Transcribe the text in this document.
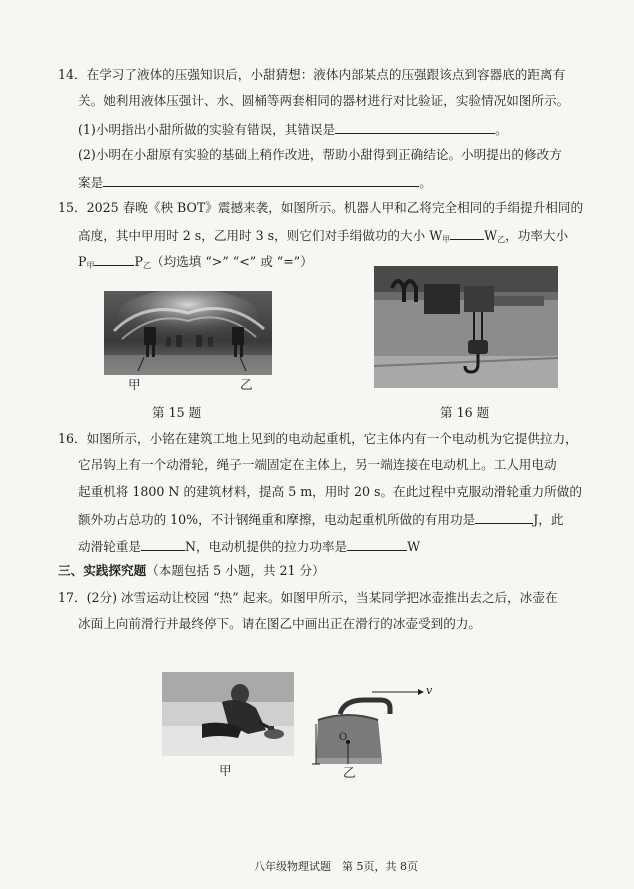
14．在学习了液体的压强知识后，小甜猜想：液体内部某点的压强跟该点到容器底的距离有
关。她利用液体压强计、水、圆桶等两套相同的器材进行对比验证，实验情况如图所示。
(1)小明指出小甜所做的实验有错误，其错误是	。
(2)小明在小甜原有实验的基础上稍作改进，帮助小甜得到正确结论。小明提出的修改方
案是	。
15．2025 春晚《秧 BOT》震撼来袭，如图所示。机器人甲和乙将完全相同的手绢提升相同的
高度，其中甲用时 2 s，乙用时 3 s，则它们对手绢做功的大小 $W_甲$	$W_乙$，功率大小
$P_甲$	$P_乙$（均选填 “>” “<” 或 “=”）
甲	乙
第 15 题	第 16 题
16．如图所示，小铭在建筑工地上见到的电动起重机，它主体内有一个电动机为它提供拉力，
它吊钩上有一个动滑轮，绳子一端固定在主体上，另一端连接在电动机上。工人用电动
起重机将 1800 N 的建筑材料，提高 5 m，用时 20 s。在此过程中克服动滑轮重力所做的
额外功占总功的 10%，不计钢绳重和摩擦，电动起重机所做的有用功是	J，此
动滑轮重是	N，电动机提供的拉力功率是	W
三、实践探究题（本题包括 5 小题，共 21 分）
17．(2分) 冰雪运动让校园 “热” 起来。如图甲所示，当某同学把冰壶推出去之后，冰壶在
冰面上向前滑行并最终停下。请在图乙中画出正在滑行的冰壶受到的力。
甲
v
O
乙
八年级物理试题　第 5页，共 8页
